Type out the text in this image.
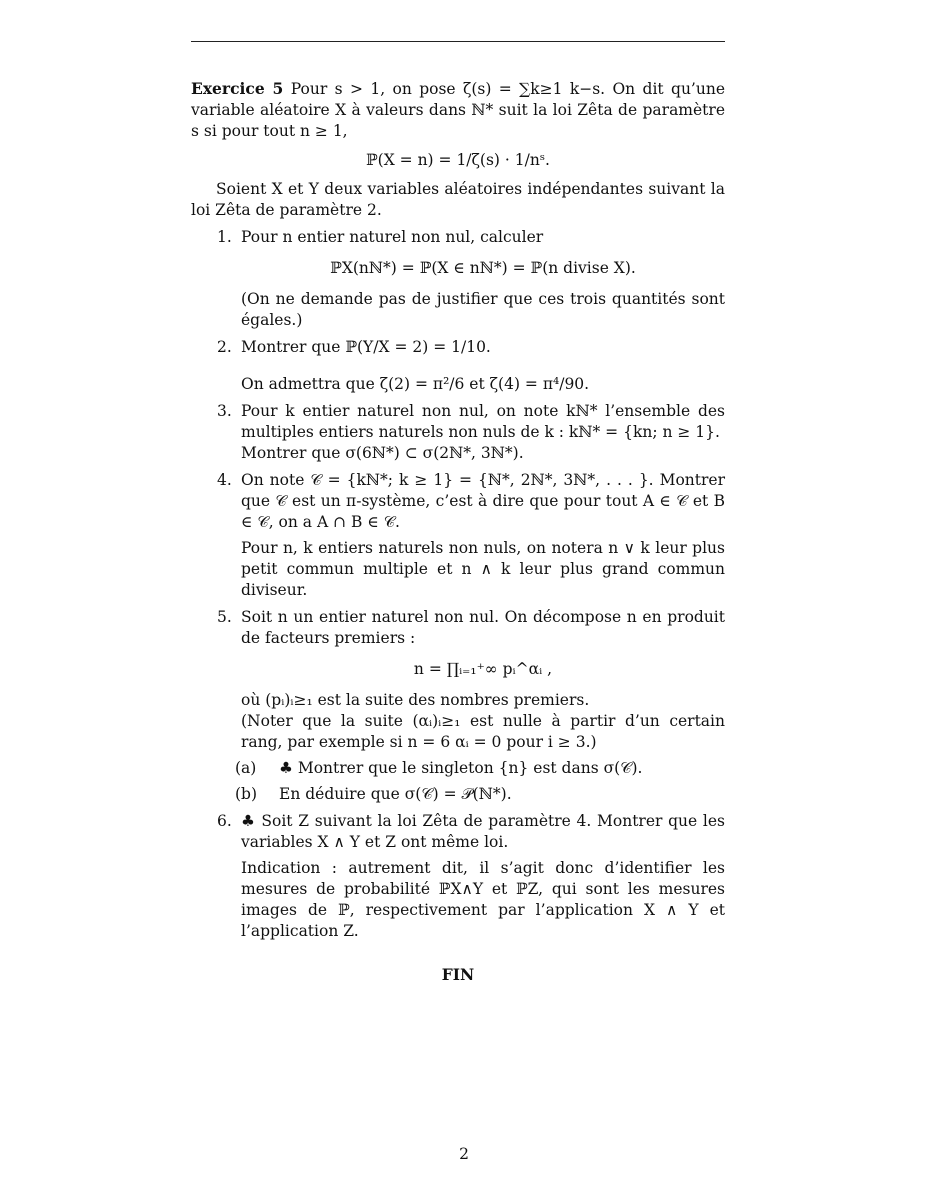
Exercice 5 Pour s > 1, on pose ζ(s) = ∑k≥1 k−s. On dit qu’une variable aléatoire X à valeurs dans ℕ* suit la loi Zêta de paramètre s si pour tout n ≥ 1,

ℙ(X = n) = 1/ζ(s) · 1/nˢ.

Soient X et Y deux variables aléatoires indépendantes suivant la loi Zêta de paramètre 2.

1. Pour n entier naturel non nul, calculer
ℙX(nℕ*) = ℙ(X ∈ nℕ*) = ℙ(n divise X).
(On ne demande pas de justifier que ces trois quantités sont égales.)
2. Montrer que ℙ(Y/X = 2) = 1/10.
On admettra que ζ(2) = π²/6 et ζ(4) = π⁴/90.
3. Pour k entier naturel non nul, on note kℕ* l’ensemble des multiples entiers naturels non nuls de k : kℕ* = {kn; n ≥ 1}.
Montrer que σ(6ℕ*) ⊂ σ(2ℕ*, 3ℕ*).
4. On note 𝒞 = {kℕ*; k ≥ 1} = {ℕ*, 2ℕ*, 3ℕ*, . . . }. Montrer que 𝒞 est un π-système, c’est à dire que pour tout A ∈ 𝒞 et B ∈ 𝒞, on a A ∩ B ∈ 𝒞.
Pour n, k entiers naturels non nuls, on notera n ∨ k leur plus petit commun multiple et n ∧ k leur plus grand commun diviseur.
5. Soit n un entier naturel non nul. On décompose n en produit de facteurs premiers :
n = ∏ᵢ₌₁⁺∞ pᵢ^αᵢ ,
où (pᵢ)ᵢ≥₁ est la suite des nombres premiers.
(Noter que la suite (αᵢ)ᵢ≥₁ est nulle à partir d’un certain rang, par exemple si n = 6 αᵢ = 0 pour i ≥ 3.)
(a) ♣ Montrer que le singleton {n} est dans σ(𝒞).
(b) En déduire que σ(𝒞) = 𝒫(ℕ*).
6. ♣ Soit Z suivant la loi Zêta de paramètre 4. Montrer que les variables X ∧ Y et Z ont même loi.
Indication : autrement dit, il s’agit donc d’identifier les mesures de probabilité ℙX∧Y et ℙZ, qui sont les mesures images de ℙ, respectivement par l’application X ∧ Y et l’application Z.
FIN
2
